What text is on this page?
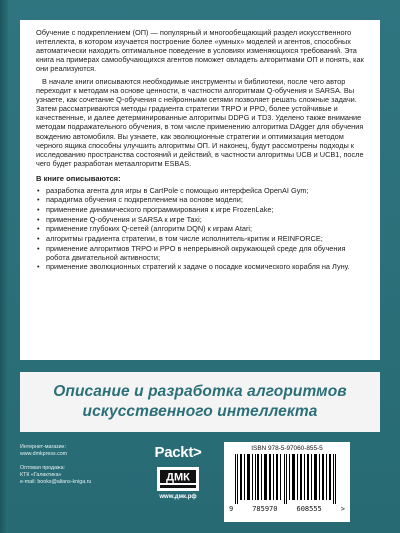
Обучение с подкреплением (ОП) — популярный и многообещающий раздел искусственного интеллекта, в котором изучается построение более «умных» моделей и агентов, способных автоматически находить оптимальное поведение в условиях изменяющихся требований. Эта книга на примерах самообучающихся агентов поможет овладеть алгоритмами ОП и понять, как они реализуются.

В начале книги описываются необходимые инструменты и библиотеки, после чего автор переходит к методам на основе ценности, в частности алгоритмам Q-обучения и SARSA. Вы узнаете, как сочетание Q-обучения с нейронными сетями позволяет решать сложные задачи. Затем рассматриваются методы градиента стратегии TRPO и PPO, более устойчивые и качественные, и далее детерминированные алгоритмы DDPG и TD3. Уделено также внимание методам подражательного обучения, в том числе применению алгоритма DAgger для обучения вождению автомобиля. Вы узнаете, как эволюционные стратегии и оптимизация методом черного ящика способны улучшить алгоритмы ОП. И наконец, будут рассмотрены подходы к исследованию пространства состояний и действий, в частности алгоритмы UCB и UCB1, после чего будет разработан метаалгоритм ESBAS.

В книге описываются:
• разработка агента для игры в CartPole с помощью интерфейса OpenAI Gym;
• парадигма обучения с подкреплением на основе модели;
• применение динамического программирования к игре FrozenLake;
• применение Q-обучения и SARSA к игре Taxi;
• применение глубоких Q-сетей (алгоритм DQN) к играм Atari;
• алгоритмы градиента стратегии, в том числе исполнитель-критик и REINFORCE;
• применение алгоритмов TRPO и PPO в непрерывной окружающей среде для обучения робота двигательной активности;
• применение эволюционных стратегий к задаче о посадке космического корабля на Луну.
Описание и разработка алгоритмов
искусственного интеллекта
Интернет-магазин:
www.dmkpress.com
Оптовая продажа:
КТК «Галактика»
e-mail: books@alians-kniga.ru
Packt>
ДМК
www.дмк.рф
ISBN 978-5-97060-855-5
9	785970	608555	>
